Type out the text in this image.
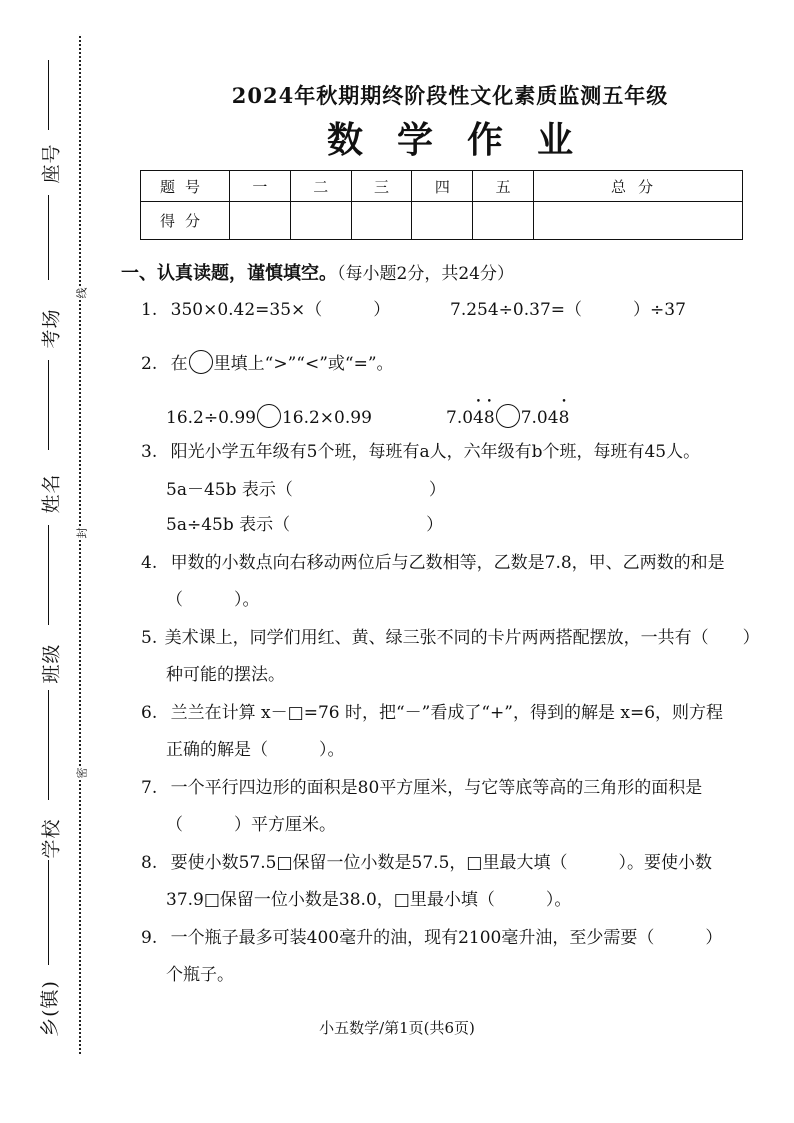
座号
考场
姓名
班级
学校
乡(镇)
线
封
密
2024年秋期期终阶段性文化素质监测五年级
数学作业
题号	一	二	三	四	五	总分
得分						
一、认真读题，谨慎填空。（每小题2分，共24分）
1. 350×0.42=35×（　　　）	7.254÷0.37=（　　　）÷37
2. 在 里填上“>”“<”或“=”。
16.2÷0.99 16.2×0.99	7.0• 4• 8 7.04• 8
3. 阳光小学五年级有5个班，每班有a人，六年级有b个班，每班有45人。
5a－45b 表示（　　　　　　　　）
5a÷45b 表示（　　　　　　　　）
4. 甲数的小数点向右移动两位后与乙数相等，乙数是7.8，甲、乙两数的和是
（　　　）。
5. 美术课上，同学们用红、黄、绿三张不同的卡片两两搭配摆放，一共有（　　）
种可能的摆法。
6. 兰兰在计算 x－□=76 时，把“－”看成了“+”，得到的解是 x=6，则方程
正确的解是（　　　）。
7. 一个平行四边形的面积是80平方厘米，与它等底等高的三角形的面积是
（　　　）平方厘米。
8. 要使小数57.5□保留一位小数是57.5，□里最大填（　　　）。要使小数
37.9□保留一位小数是38.0，□里最小填（　　　）。
9. 一个瓶子最多可装400毫升的油，现有2100毫升油，至少需要（　　　）
个瓶子。
小五数学/第1页(共6页)
